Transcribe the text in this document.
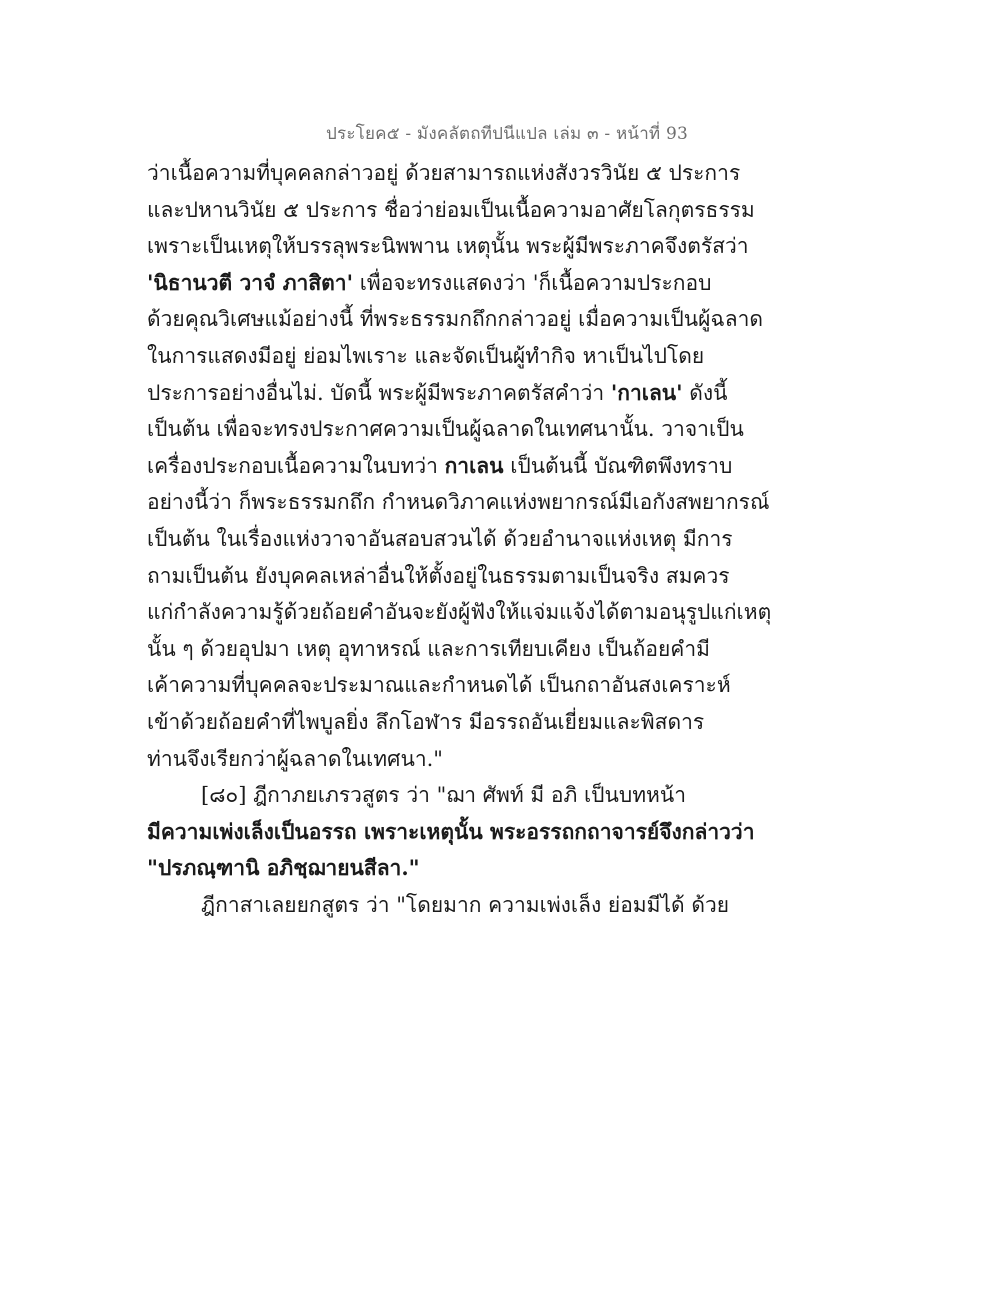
ประโยค๕ - มังคลัตถทีปนีแปล เล่ม ๓ - หน้าที่ 93
ว่าเนื้อความที่บุคคลกล่าวอยู่ ด้วยสามารถแห่งสังวรวินัย ๕ ประการ
และปหานวินัย ๕ ประการ ชื่อว่าย่อมเป็นเนื้อความอาศัยโลกุตรธรรม
เพราะเป็นเหตุให้บรรลุพระนิพพาน เหตุนั้น พระผู้มีพระภาคจึงตรัสว่า
'นิธานวตี วาจํ ภาสิตา' เพื่อจะทรงแสดงว่า 'ก็เนื้อความประกอบ
ด้วยคุณวิเศษแม้อย่างนี้ ที่พระธรรมกถึกกล่าวอยู่ เมื่อความเป็นผู้ฉลาด
ในการแสดงมีอยู่ ย่อมไพเราะ และจัดเป็นผู้ทำกิจ หาเป็นไปโดย
ประการอย่างอื่นไม่. บัดนี้ พระผู้มีพระภาคตรัสคำว่า 'กาเลน' ดังนี้
เป็นต้น เพื่อจะทรงประกาศความเป็นผู้ฉลาดในเทศนานั้น. วาจาเป็น
เครื่องประกอบเนื้อความในบทว่า กาเลน เป็นต้นนี้ บัณฑิตพึงทราบ
อย่างนี้ว่า ก็พระธรรมกถึก กำหนดวิภาคแห่งพยากรณ์มีเอกังสพยากรณ์
เป็นต้น ในเรื่องแห่งวาจาอันสอบสวนได้ ด้วยอำนาจแห่งเหตุ มีการ
ถามเป็นต้น ยังบุคคลเหล่าอื่นให้ตั้งอยู่ในธรรมตามเป็นจริง สมควร
แก่กำลังความรู้ด้วยถ้อยคำอันจะยังผู้ฟังให้แจ่มแจ้งได้ตามอนุรูปแก่เหตุ
นั้น ๆ ด้วยอุปมา เหตุ อุทาหรณ์ และการเทียบเคียง เป็นถ้อยคำมี
เค้าความที่บุคคลจะประมาณและกำหนดได้ เป็นกถาอันสงเคราะห์
เข้าด้วยถ้อยคำที่ไพบูลยิ่ง ลึกโอฬาร มีอรรถอันเยี่ยมและพิสดาร
ท่านจึงเรียกว่าผู้ฉลาดในเทศนา."
[๘๐] ฎีกาภยเภรวสูตร ว่า "ฌา ศัพท์ มี อภิ เป็นบทหน้า
มีความเพ่งเล็งเป็นอรรถ เพราะเหตุนั้น พระอรรถกถาจารย์จึงกล่าวว่า
"ปรภณฺฑานิ อภิชฺฌายนสีลา."
ฎีกาสาเลยยกสูตร ว่า "โดยมาก ความเพ่งเล็ง ย่อมมีได้ ด้วย
